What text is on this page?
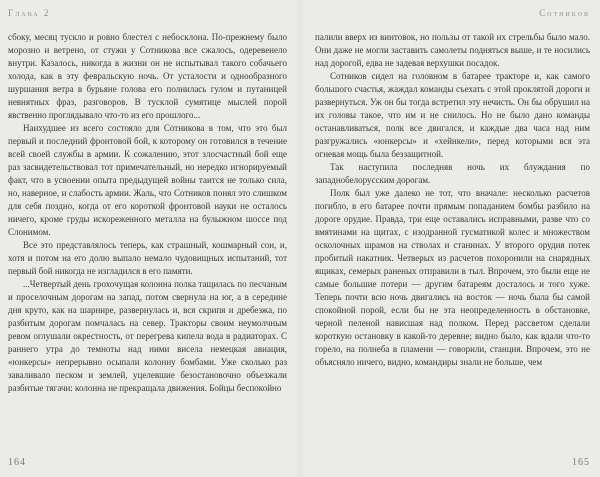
Глава 2

сбоку, месяц тускло и ровно блестел с небосклона. По-прежнему было морозно и ветрено, от стужи у Сотникова все сжалось, одеревенело внутри. Казалось, никогда в жизни он не испытывал такого собачьего холода, как в эту февральскую ночь. От усталости и однообразного шуршания ветра в бурьяне голова его полнилась гулом и путаницей невнятных фраз, разговоров. В тусклой сумятице мыслей порой явственно проглядывало что-то из его прошлого...

Наихудшее из всего состояло для Сотникова в том, что это был первый и последний фронтовой бой, к которому он готовился в течение всей своей службы в армии. К сожалению, этот злосчастный бой еще раз засвидетельствовал тот примечательный, но нередко игнорируемый факт, что в усвоении опыта предыдущей войны таится не только сила, но, наверное, и слабость армии. Жаль, что Сотников понял это слишком для себя поздно, когда от его короткой фронтовой науки не осталось ничего, кроме груды искореженного металла на булыжном шоссе под Слонимом.

Все это представлялось теперь, как страшный, кошмарный сон, и, хотя и потом на его долю выпало немало чудовищных испытаний, тот первый бой никогда не изгладился в его памяти.

...Четвертый день грохочущая колонна полка тащилась по песчаным и проселочным дорогам на запад, потом свернула на юг, а в середине дня круто, как на шарнире, развернулась и, вся скрипя и дребезжа, по разбитым дорогам помчалась на север. Тракторы своим неумолчным ревом оглушали окрестность, от перегрева кипела вода в радиаторах. С раннего утра до темноты над ними висела немецкая авиация, «юнкерсы» непрерывно осыпали колонну бомбами. Уже сколько раз заваливало песком и землей, уцелевшие безостановочно объезжали разбитые тягачи: колонна не прекращала движения. Бойцы беспокойно

164
Сотников

палили вверх из винтовок, но пользы от такой их стрельбы было мало. Они даже не могли заставить самолеты подняться выше, и те носились над дорогой, едва не задевая верхушки посадок.

Сотников сидел на головном в батарее тракторе и, как самого большого счастья, жаждал команды съехать с этой проклятой дороги и развернуться. Уж он бы тогда встретил эту нечисть. Он бы обрушил на их головы такое, что им и не снилось. Но не было дано команды останавливаться, полк все двигался, и каждые два часа над ним разгружались «юнкерсы» и «хейнкели», перед которыми вся эта огневая мощь была беззащитной.

Так наступила последняя ночь их блуждания по западнобелорусским дорогам.

Полк был уже далеко не тот, что вначале: несколько расчетов погибло, в его батарее почти прямым попаданием бомбы разбило на дороге орудие. Правда, три еще оставались исправными, разве что со вмятинами на щитах, с изодранной гусматикой колес и множеством осколочных шрамов на стволах и станинах. У второго орудия потек пробитый накатник. Четверых из расчетов похоронили на снарядных ящиках, семерых раненых отправили в тыл. Впрочем, это были еще не самые большие потери — другим батареям досталось и того хуже. Теперь почти всю ночь двигались на восток — ночь была бы самой спокойной порой, если бы не эта неопределенность в обстановке, черной пеленой нависшая над полком. Перед рассветом сделали короткую остановку в какой-то деревне; видно было, как вдали что-то горело, на полнеба в пламени — говорили, станция. Впрочем, это не объясняло ничего, видно, командиры знали не больше, чем

165
